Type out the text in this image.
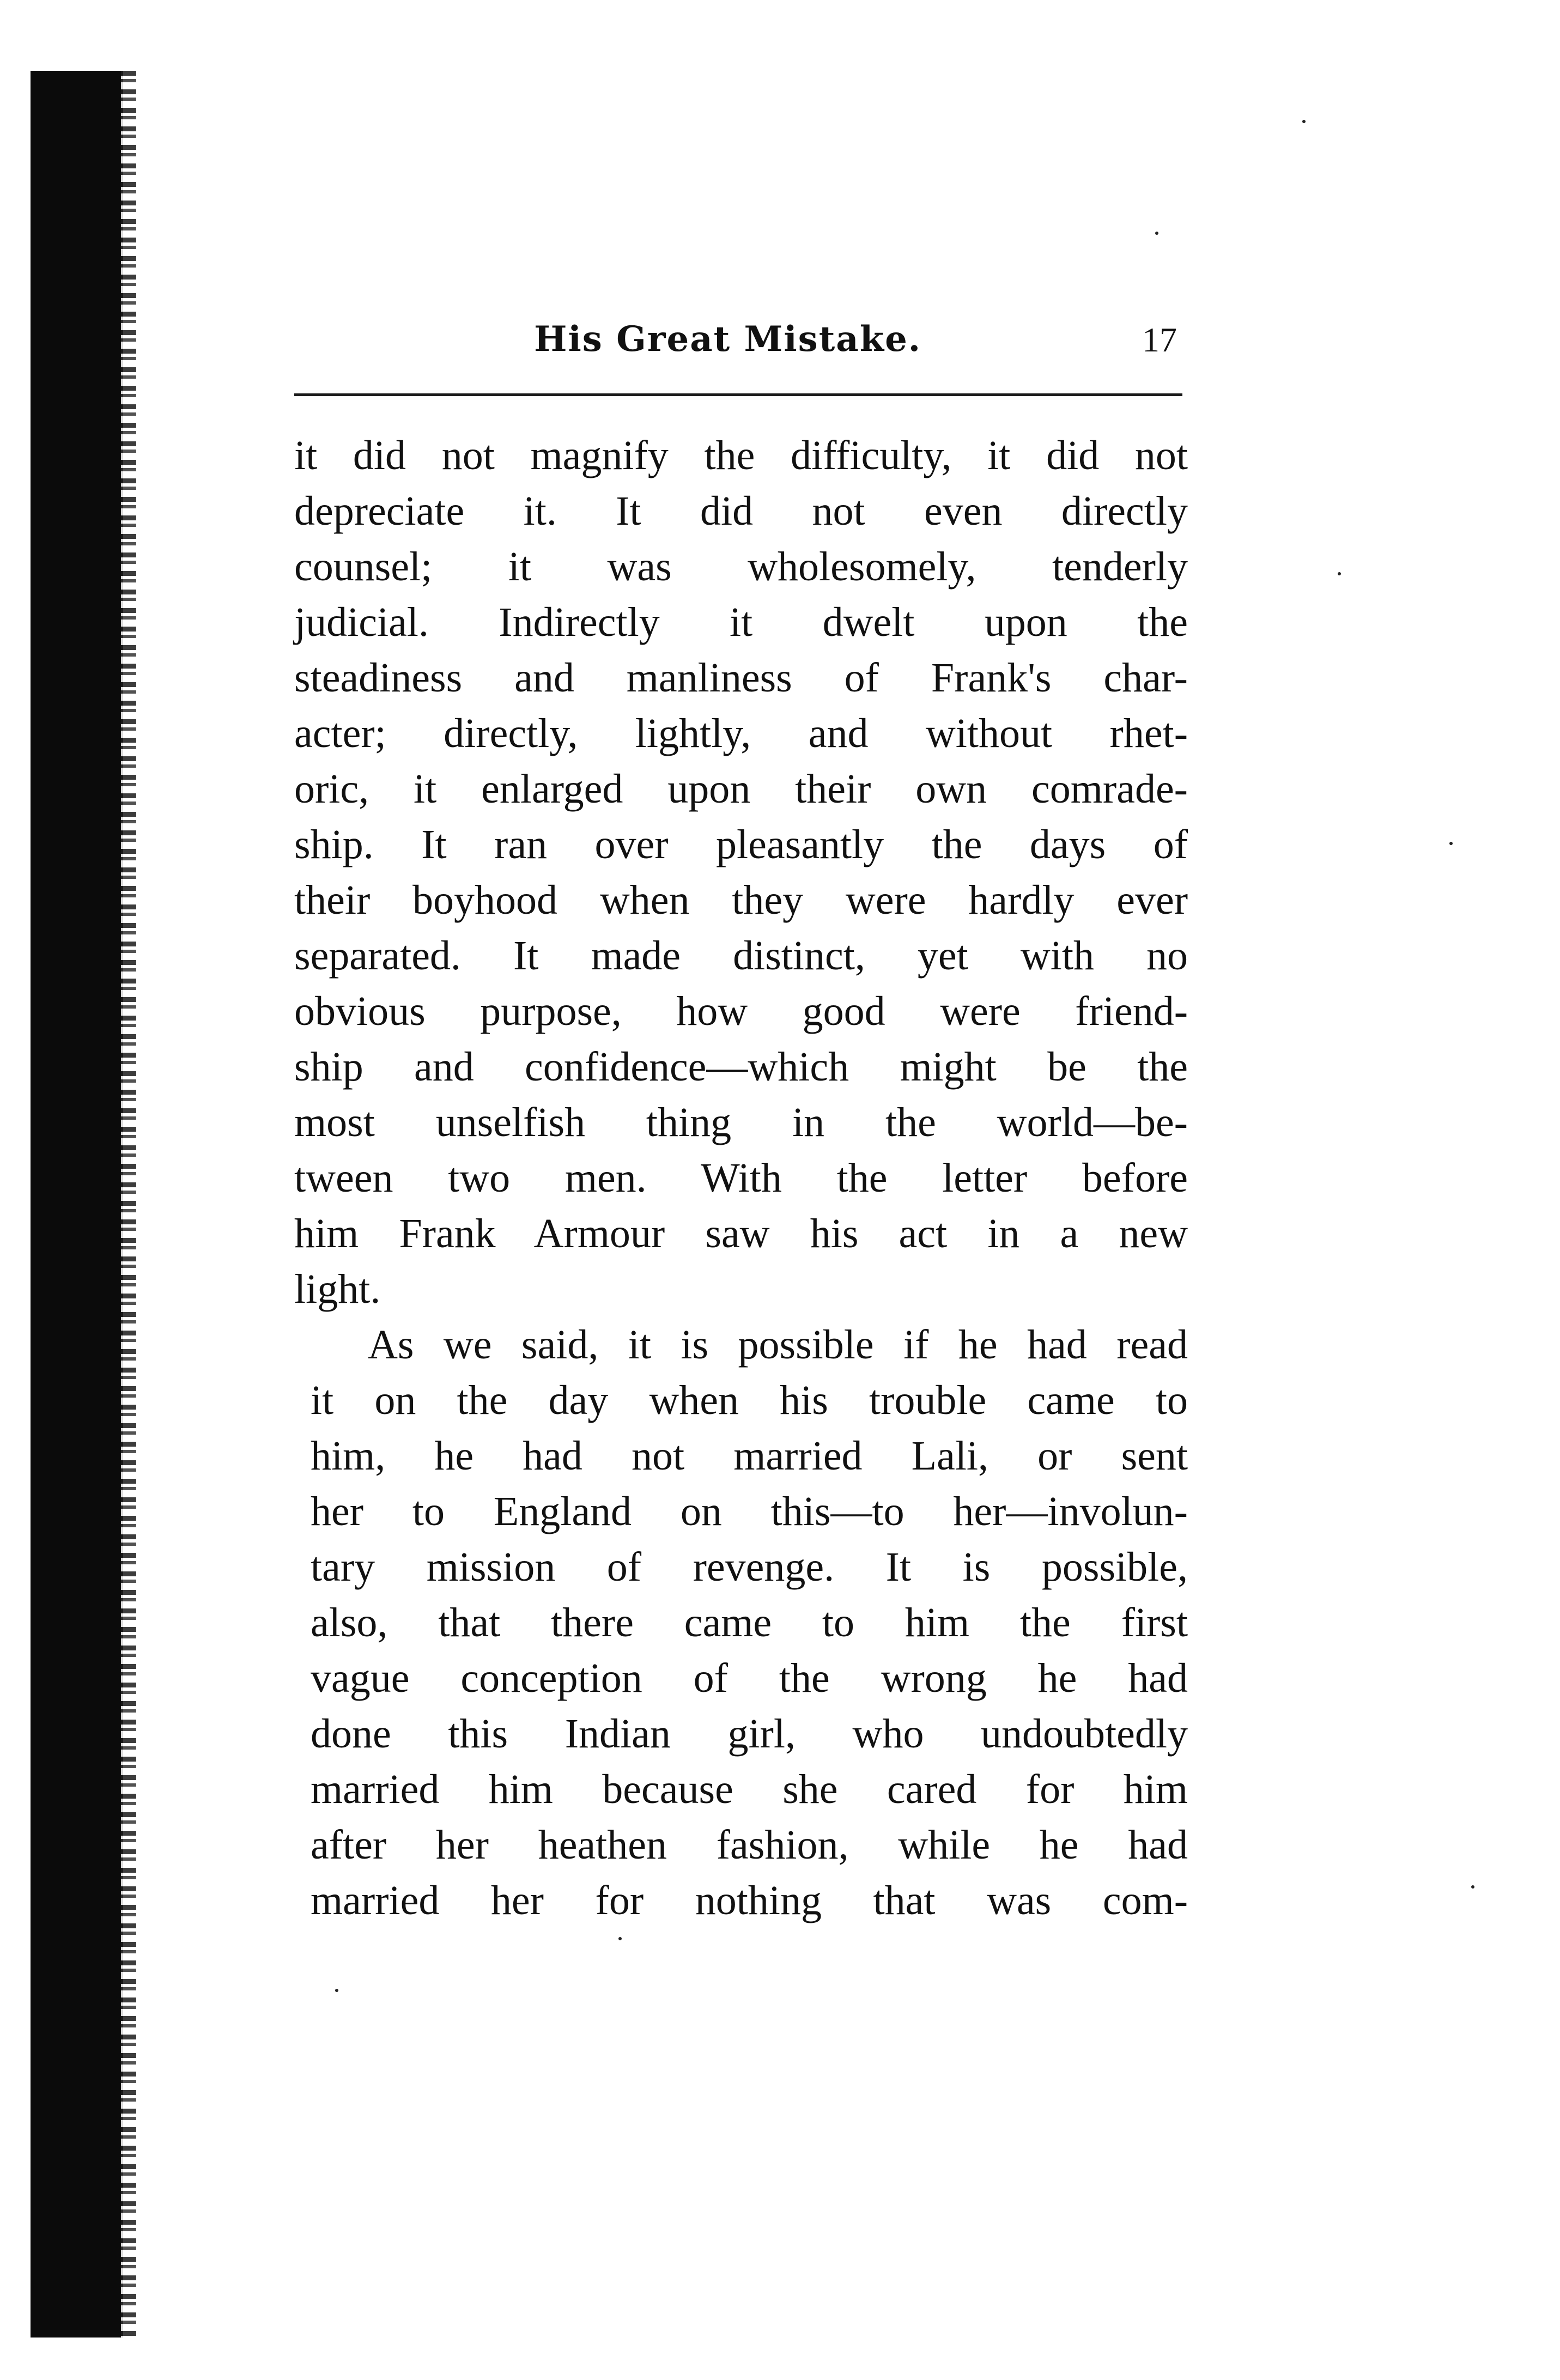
His Great Mistake.	17
it did not magnify the difficulty, it did not
depreciate it. It did not even directly
counsel; it was wholesomely, tenderly
judicial. Indirectly it dwelt upon the
steadiness and manliness of Frank's char-
acter; directly, lightly, and without rhet-
oric, it enlarged upon their own comrade-
ship. It ran over pleasantly the days of
their boyhood when they were hardly ever
separated. It made distinct, yet with no
obvious purpose, how good were friend-
ship and confidence—which might be the
most unselfish thing in the world—be-
tween two men. With the letter before
him Frank Armour saw his act in a new
light.
As we said, it is possible if he had read
it on the day when his trouble came to
him, he had not married Lali, or sent
her to England on this—to her—involun-
tary mission of revenge. It is possible,
also, that there came to him the first
vague conception of the wrong he had
done this Indian girl, who undoubtedly
married him because she cared for him
after her heathen fashion, while he had
married her for nothing that was com-
